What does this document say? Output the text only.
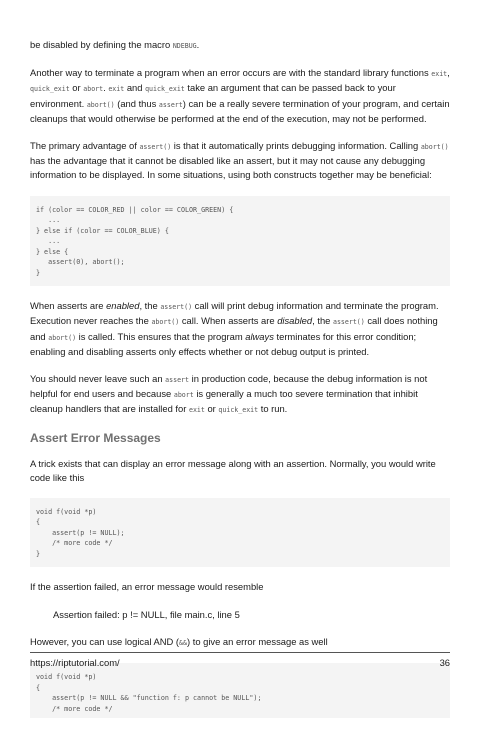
be disabled by defining the macro NDEBUG.

Another way to terminate a program when an error occurs are with the standard library functions exit, quick_exit or abort. exit and quick_exit take an argument that can be passed back to your environment. abort() (and thus assert) can be a really severe termination of your program, and certain cleanups that would otherwise be performed at the end of the execution, may not be performed.

The primary advantage of assert() is that it automatically prints debugging information. Calling abort() has the advantage that it cannot be disabled like an assert, but it may not cause any debugging information to be displayed. In some situations, using both constructs together may be beneficial:

if (color == COLOR_RED || color == COLOR_GREEN) {
...
} else if (color == COLOR_BLUE) {
...
} else {
assert(0), abort();
}

When asserts are enabled, the assert() call will print debug information and terminate the program. Execution never reaches the abort() call. When asserts are disabled, the assert() call does nothing and abort() is called. This ensures that the program always terminates for this error condition; enabling and disabling asserts only effects whether or not debug output is printed.

You should never leave such an assert in production code, because the debug information is not helpful for end users and because abort is generally a much too severe termination that inhibit cleanup handlers that are installed for exit or quick_exit to run.

Assert Error Messages

A trick exists that can display an error message along with an assertion. Normally, you would write code like this

void f(void *p)
{
assert(p != NULL);
/* more code */
}

If the assertion failed, an error message would resemble

Assertion failed: p != NULL, file main.c, line 5

However, you can use logical AND (&&) to give an error message as well

void f(void *p)
{
assert(p != NULL && "function f: p cannot be NULL");
/* more code */
https://riptutorial.com/	36
